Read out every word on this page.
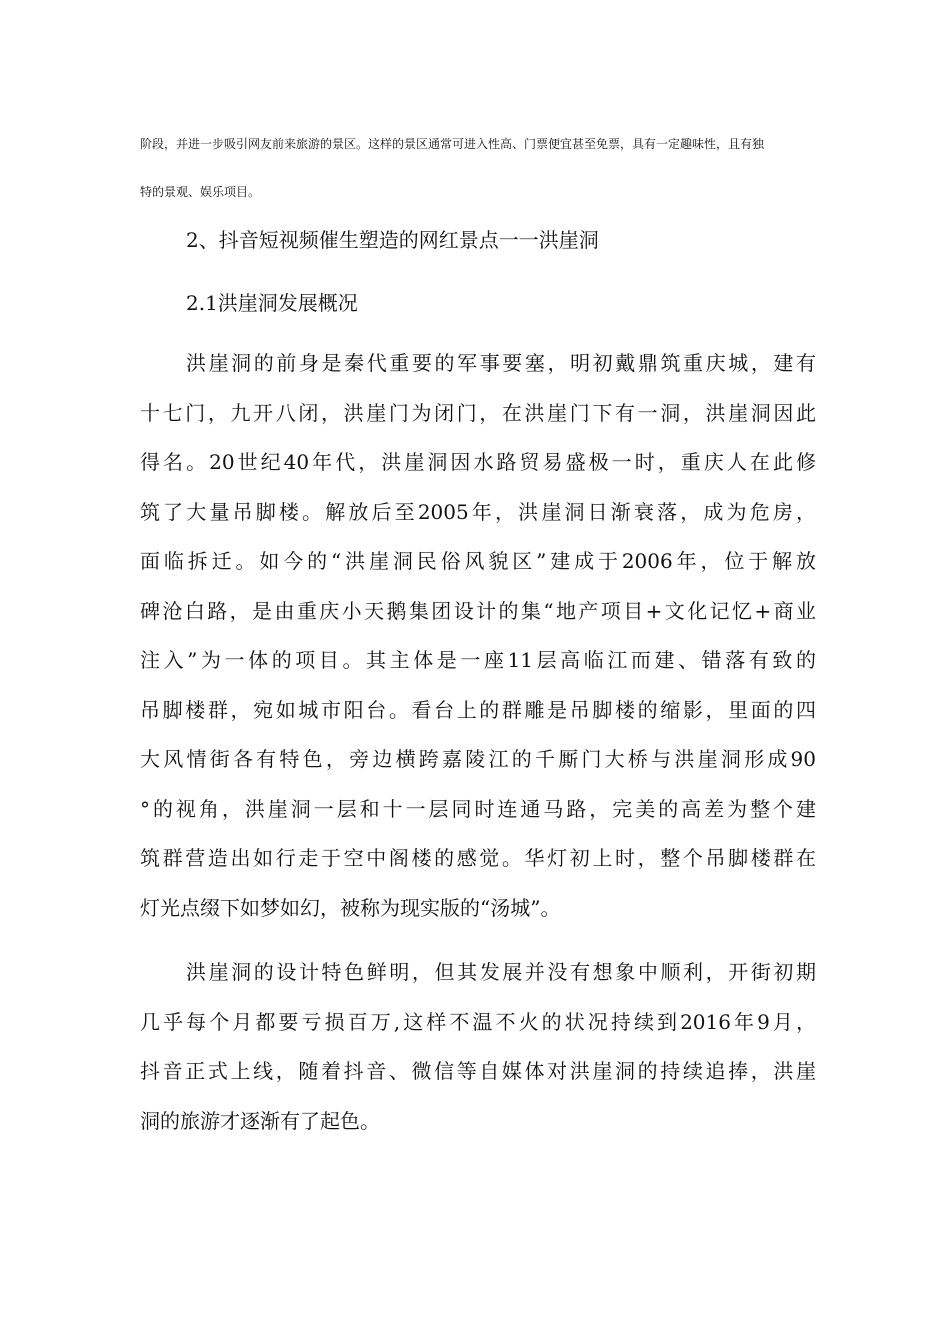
阶段，并进一步吸引网友前来旅游的景区。这样的景区通常可进入性高、门票便宜甚至免票，具有一定趣味性，且有独
特的景观、娱乐项目。

2、抖音短视频催生塑造的网红景点一一洪崖洞
2.1洪崖洞发展概况

洪崖洞的前身是秦代重要的军事要塞，明初戴鼎筑重庆城，建有
十七门，九开八闭，洪崖门为闭门，在洪崖门下有一洞，洪崖洞因此
得名。20世纪40年代，洪崖洞因水路贸易盛极一时，重庆人在此修
筑了大量吊脚楼。解放后至2005年，洪崖洞日渐衰落，成为危房，
面临拆迁。如今的“洪崖洞民俗风貌区”建成于2006年，位于解放
碑沧白路，是由重庆小天鹅集团设计的集“地产项目+文化记忆+商业
注入”为一体的项目。其主体是一座11层高临江而建、错落有致的
吊脚楼群，宛如城市阳台。看台上的群雕是吊脚楼的缩影，里面的四
大风情街各有特色，旁边横跨嘉陵江的千厮门大桥与洪崖洞形成90
°的视角，洪崖洞一层和十一层同时连通马路，完美的高差为整个建
筑群营造出如行走于空中阁楼的感觉。华灯初上时，整个吊脚楼群在
灯光点缀下如梦如幻，被称为现实版的“汤城”。

洪崖洞的设计特色鲜明，但其发展并没有想象中顺利，开街初期
几乎每个月都要亏损百万,这样不温不火的状况持续到2016年9月，
抖音正式上线，随着抖音、微信等自媒体对洪崖洞的持续追捧，洪崖
洞的旅游才逐渐有了起色。
